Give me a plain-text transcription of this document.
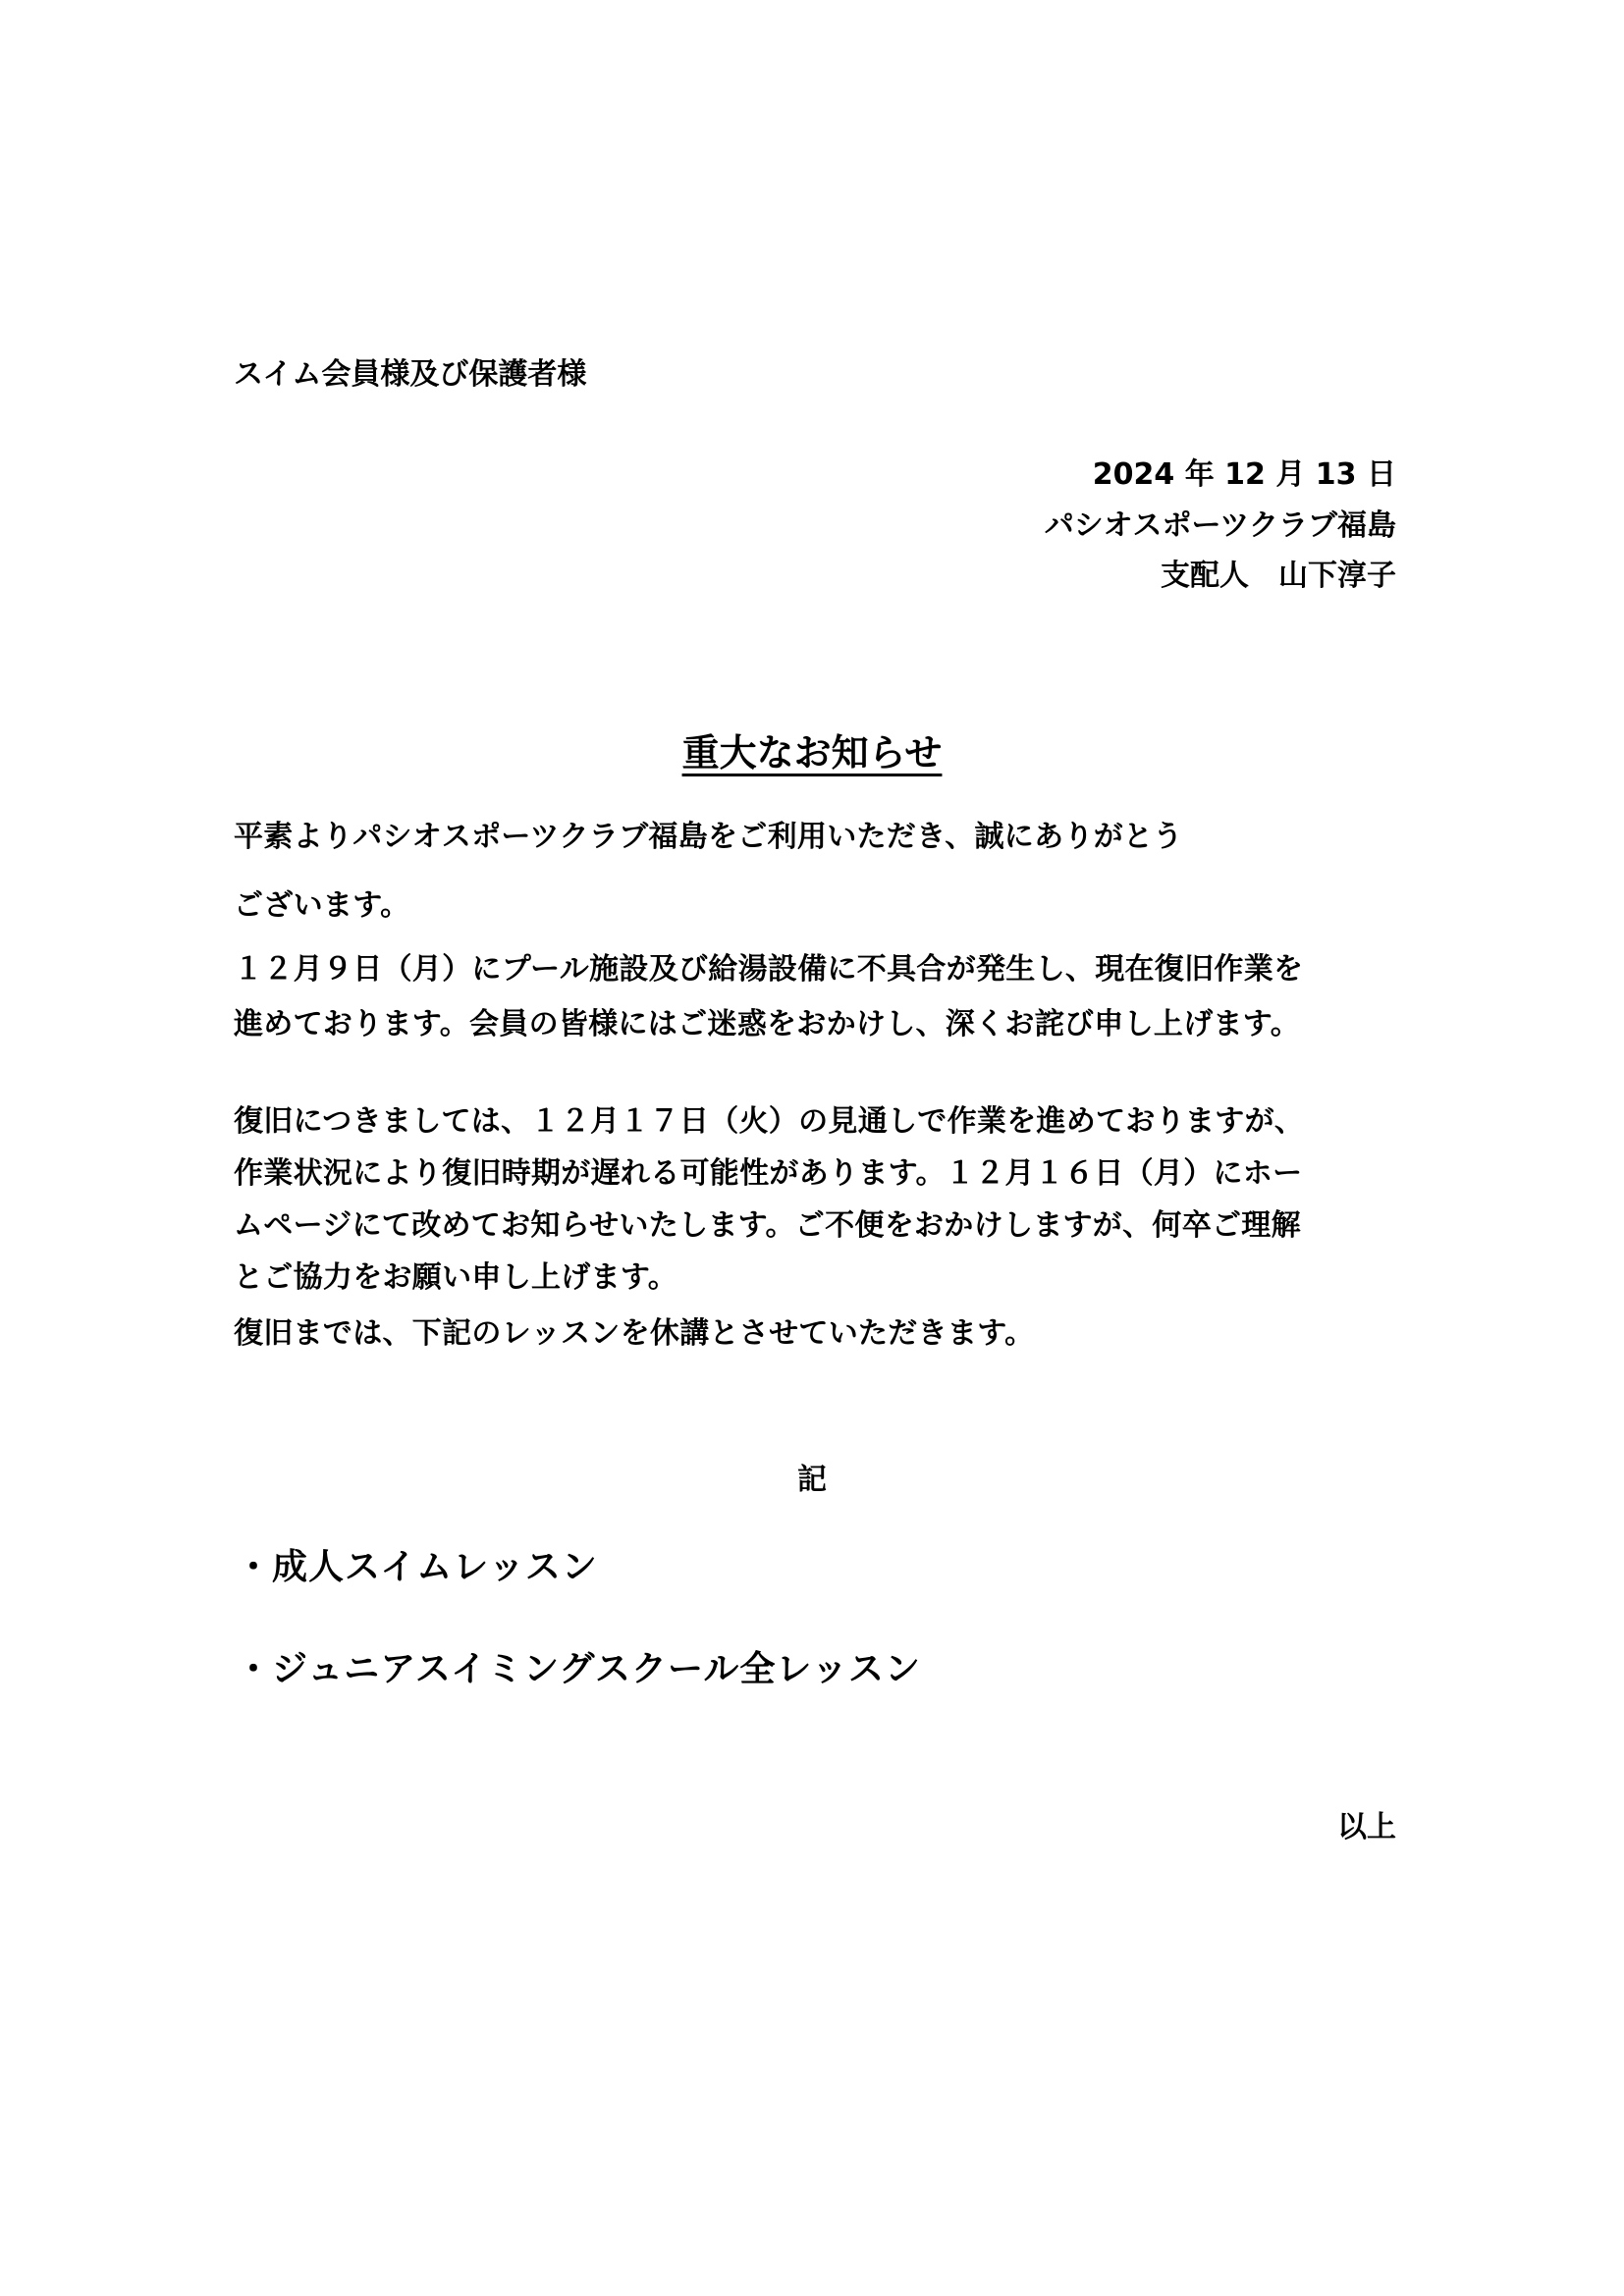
スイム会員様及び保護者様
2024 年 12 月 13 日
パシオスポーツクラブ福島
支配人　山下淳子
重大なお知らせ
平素よりパシオスポーツクラブ福島をご利用いただき、誠にありがとう
ございます。
１２月９日（月）にプール施設及び給湯設備に不具合が発生し、現在復旧作業を
進めております。会員の皆様にはご迷惑をおかけし、深くお詫び申し上げます。
復旧につきましては、１２月１７日（火）の見通しで作業を進めておりますが、
作業状況により復旧時期が遅れる可能性があります。１２月１６日（月）にホー
ムページにて改めてお知らせいたします。ご不便をおかけしますが、何卒ご理解
とご協力をお願い申し上げます。
復旧までは、下記のレッスンを休講とさせていただきます。
記
・成人スイムレッスン
・ジュニアスイミングスクール全レッスン
以上
